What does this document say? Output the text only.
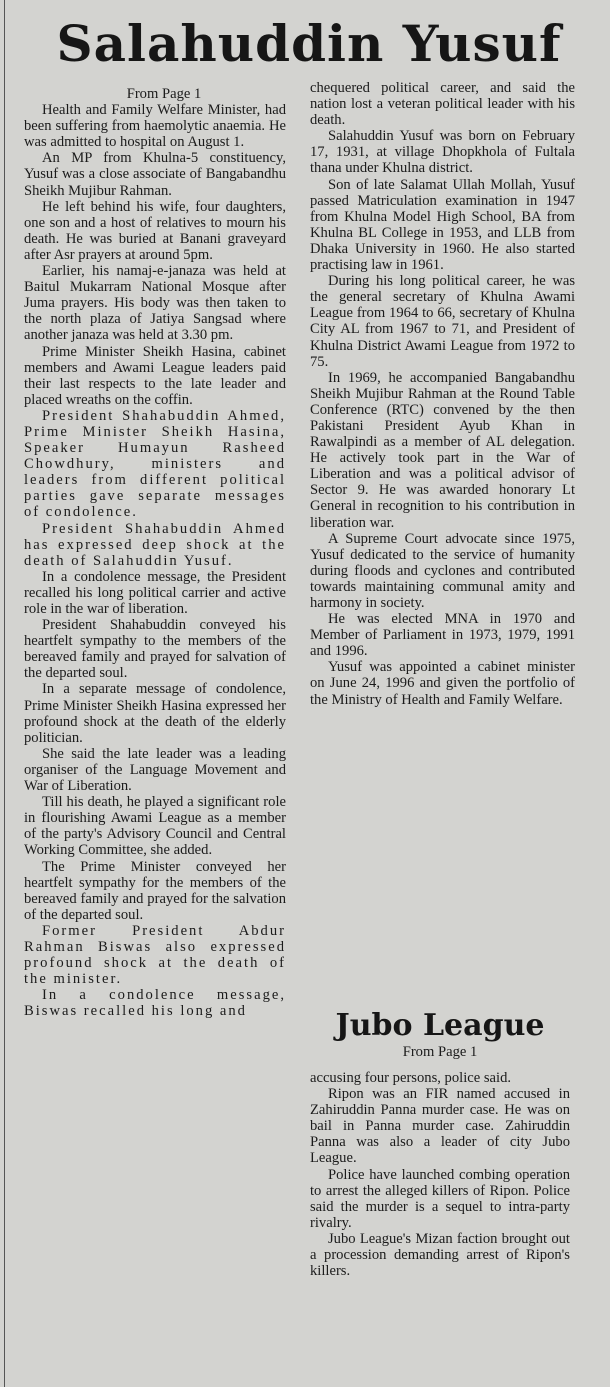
Salahuddin Yusuf

From Page 1

Health and Family Welfare Minister, had been suffering from haemolytic anaemia. He was admitted to hospital on August 1.

An MP from Khulna-5 constituency, Yusuf was a close associate of Bangabandhu Sheikh Mujibur Rahman.

He left behind his wife, four daughters, one son and a host of relatives to mourn his death. He was buried at Banani graveyard after Asr prayers at around 5pm.

Earlier, his namaj-e-janaza was held at Baitul Mukarram National Mosque after Juma prayers. His body was then taken to the north plaza of Jatiya Sangsad where another janaza was held at 3.30 pm.

Prime Minister Sheikh Hasina, cabinet members and Awami League leaders paid their last respects to the late leader and placed wreaths on the coffin.

President Shahabuddin Ahmed, Prime Minister Sheikh Hasina, Speaker Humayun Rasheed Chowdhury, ministers and leaders from different political parties gave separate messages of condolence.

President Shahabuddin Ahmed has expressed deep shock at the death of Salahuddin Yusuf.

In a condolence message, the President recalled his long political carrier and active role in the war of liberation.

President Shahabuddin conveyed his heartfelt sympathy to the members of the bereaved family and prayed for salvation of the departed soul.

In a separate message of condolence, Prime Minister Sheikh Hasina expressed her profound shock at the death of the elderly politician.

She said the late leader was a leading organiser of the Language Movement and War of Liberation.

Till his death, he played a significant role in flourishing Awami League as a member of the party's Advisory Council and Central Working Committee, she added.

The Prime Minister conveyed her heartfelt sympathy for the members of the bereaved family and prayed for the salvation of the departed soul.

Former President Abdur Rahman Biswas also expressed profound shock at the death of the minister.

In a condolence message, Biswas recalled his long and

chequered political career, and said the nation lost a veteran political leader with his death.

Salahuddin Yusuf was born on February 17, 1931, at village Dhopkhola of Fultala thana under Khulna district.

Son of late Salamat Ullah Mollah, Yusuf passed Matriculation examination in 1947 from Khulna Model High School, BA from Khulna BL College in 1953, and LLB from Dhaka University in 1960. He also started practising law in 1961.

During his long political career, he was the general secretary of Khulna Awami League from 1964 to 66, secretary of Khulna City AL from 1967 to 71, and President of Khulna District Awami League from 1972 to 75.

In 1969, he accompanied Bangabandhu Sheikh Mujibur Rahman at the Round Table Conference (RTC) convened by the then Pakistani President Ayub Khan in Rawalpindi as a member of AL delegation. He actively took part in the War of Liberation and was a political advisor of Sector 9. He was awarded honorary Lt General in recognition to his contribution in liberation war.

A Supreme Court advocate since 1975, Yusuf dedicated to the service of humanity during floods and cyclones and contributed towards maintaining communal amity and harmony in society.

He was elected MNA in 1970 and Member of Parliament in 1973, 1979, 1991 and 1996.

Yusuf was appointed a cabinet minister on June 24, 1996 and given the portfolio of the Ministry of Health and Family Welfare.

Jubo League
From Page 1

accusing four persons, police said.

Ripon was an FIR named accused in Zahiruddin Panna murder case. He was on bail in Panna murder case. Zahiruddin Panna was also a leader of city Jubo League.

Police have launched combing operation to arrest the alleged killers of Ripon. Police said the murder is a sequel to intra-party rivalry.

Jubo League's Mizan faction brought out a procession demanding arrest of Ripon's killers.
